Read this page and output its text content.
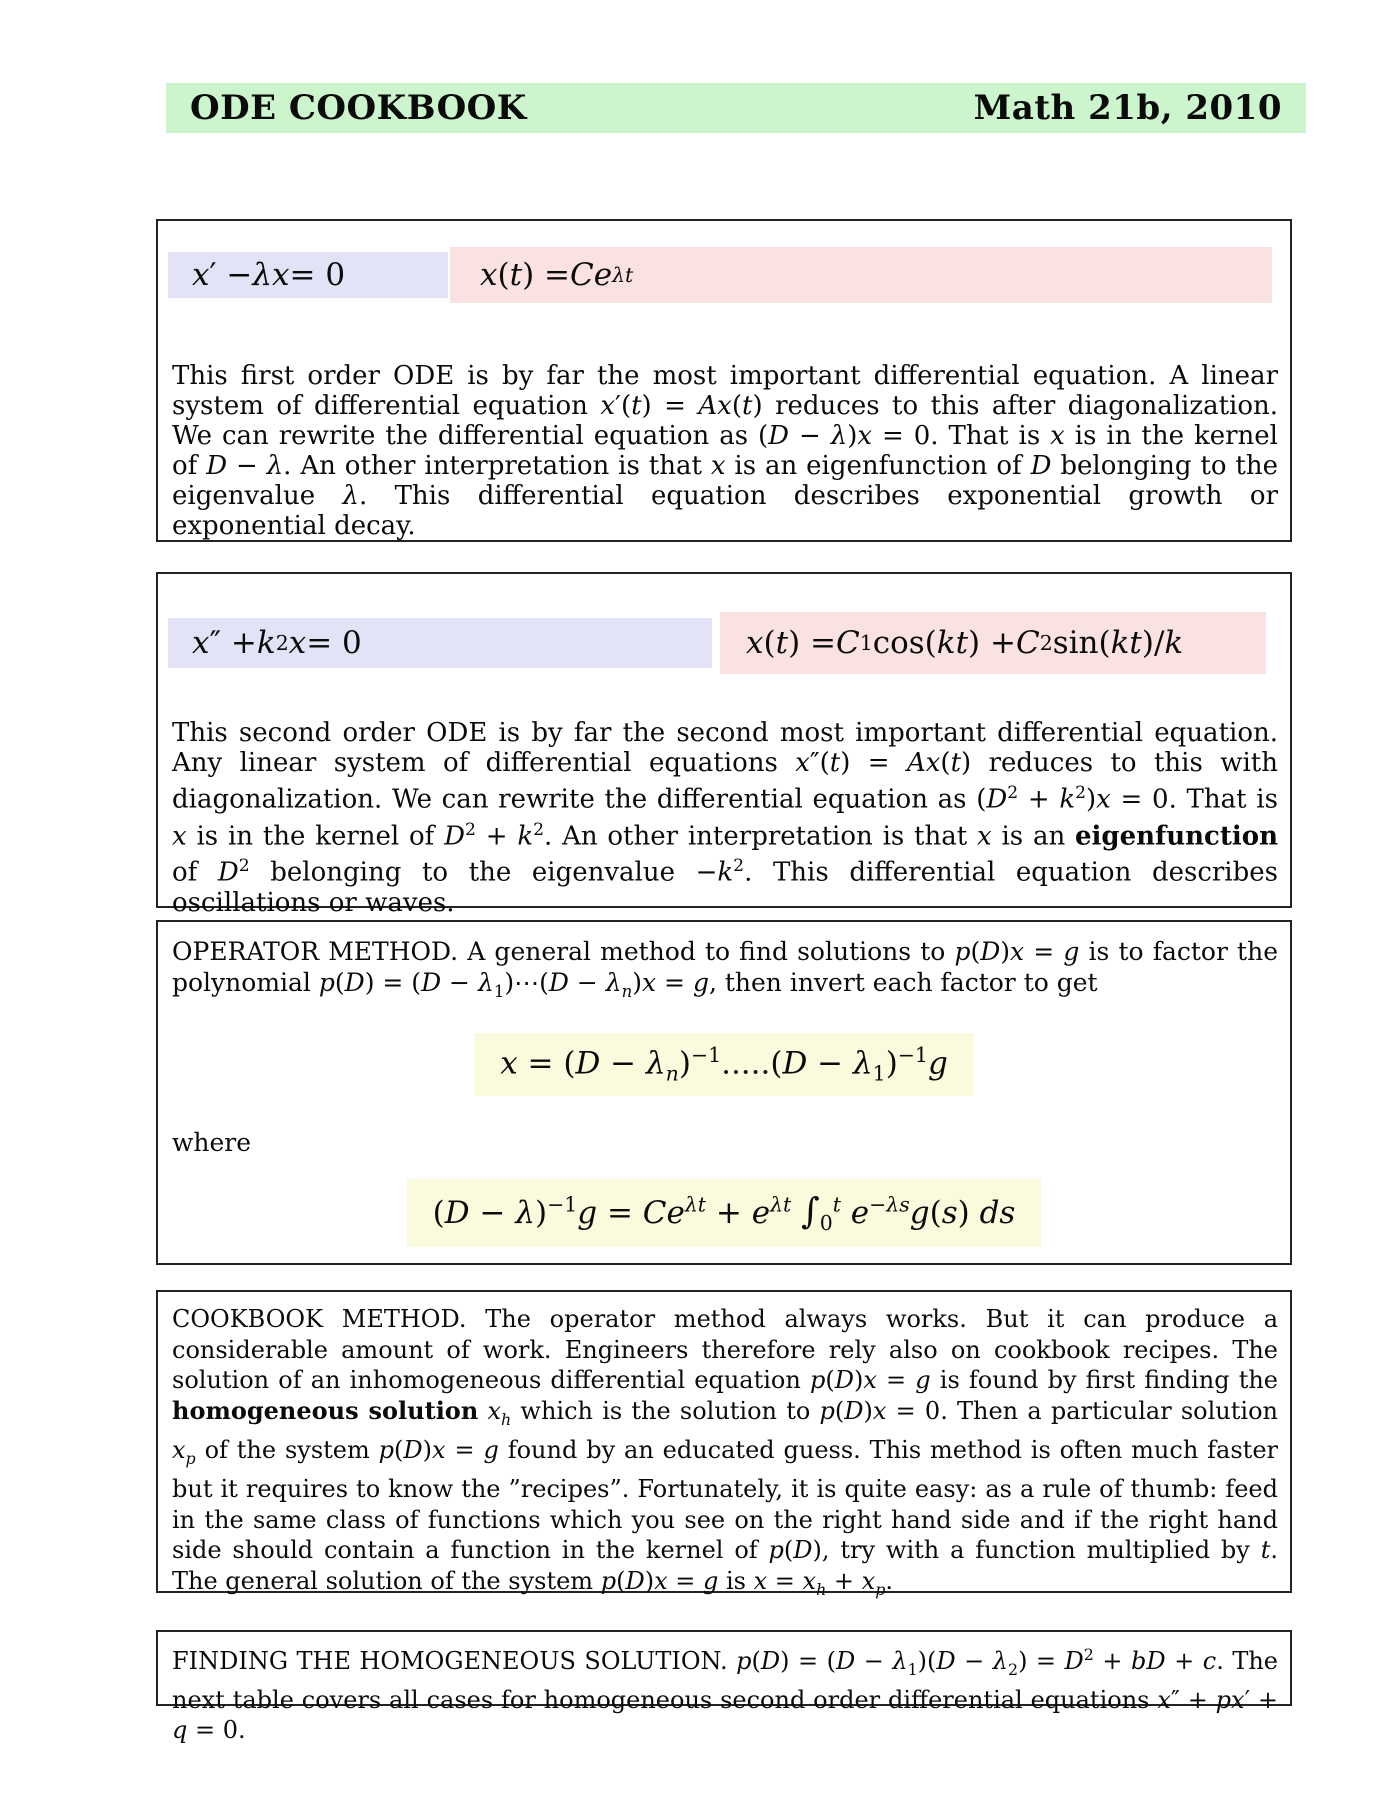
ODE COOKBOOK	Math 21b, 2010
x ′ − λx = 0	x ( t ) = Ce λt

This first order ODE is by far the most important differential equation. A linear system of differential equation x′(t) = Ax(t) reduces to this after diagonalization. We can rewrite the differential equation as (D − λ)x = 0. That is x is in the kernel of D − λ. An other interpretation is that x is an eigenfunction of D belonging to the eigenvalue λ. This differential equation describes exponential growth or exponential decay.

x ″ + k 2 x = 0	x ( t ) = C 1 cos( kt ) + C 2 sin( kt )/ k

This second order ODE is by far the second most important differential equation. Any linear system of differential equations x″(t) = Ax(t) reduces to this with diagonalization. We can rewrite the differential equation as $(D^2 + k^2)x = 0$. That is x is in the kernel of $D^2 + k^2$. An other interpretation is that x is an eigenfunction of $D^2$ belonging to the eigenvalue $-k^2$. This differential equation describes oscillations or waves.

OPERATOR METHOD. A general method to find solutions to p(D)x = g is to factor the polynomial $p(D) = (D - \lambda_1)\cdots(D - \lambda_n)x = g$, then invert each factor to get

$x = (D - \lambda_n)^{-1}.....(D - \lambda_1)^{-1}g$
where
$(D - \lambda)^{-1}g = Ce^{\lambda t} + e^{\lambda t}$ $\int_0^t$ $e^{-\lambda s}g(s)$ ds

COOKBOOK METHOD. The operator method always works. But it can produce a considerable amount of work. Engineers therefore rely also on cookbook recipes. The solution of an inhomogeneous differential equation p(D)x = g is found by first finding the homogeneous solution $x_h$ which is the solution to p(D)x = 0. Then a particular solution $x_p$ of the system p(D)x = g found by an educated guess. This method is often much faster but it requires to know the ”recipes”. Fortunately, it is quite easy: as a rule of thumb: feed in the same class of functions which you see on the right hand side and if the right hand side should contain a function in the kernel of p(D), try with a function multiplied by t. The general solution of the system p(D)x = g is $x = x_h + x_p$.

FINDING THE HOMOGENEOUS SOLUTION. $p(D) = (D - \lambda_1)(D - \lambda_2) = D^2$ + bD + c. The next table covers all cases for homogeneous second order differential equations x″ + px′ + q = 0.
